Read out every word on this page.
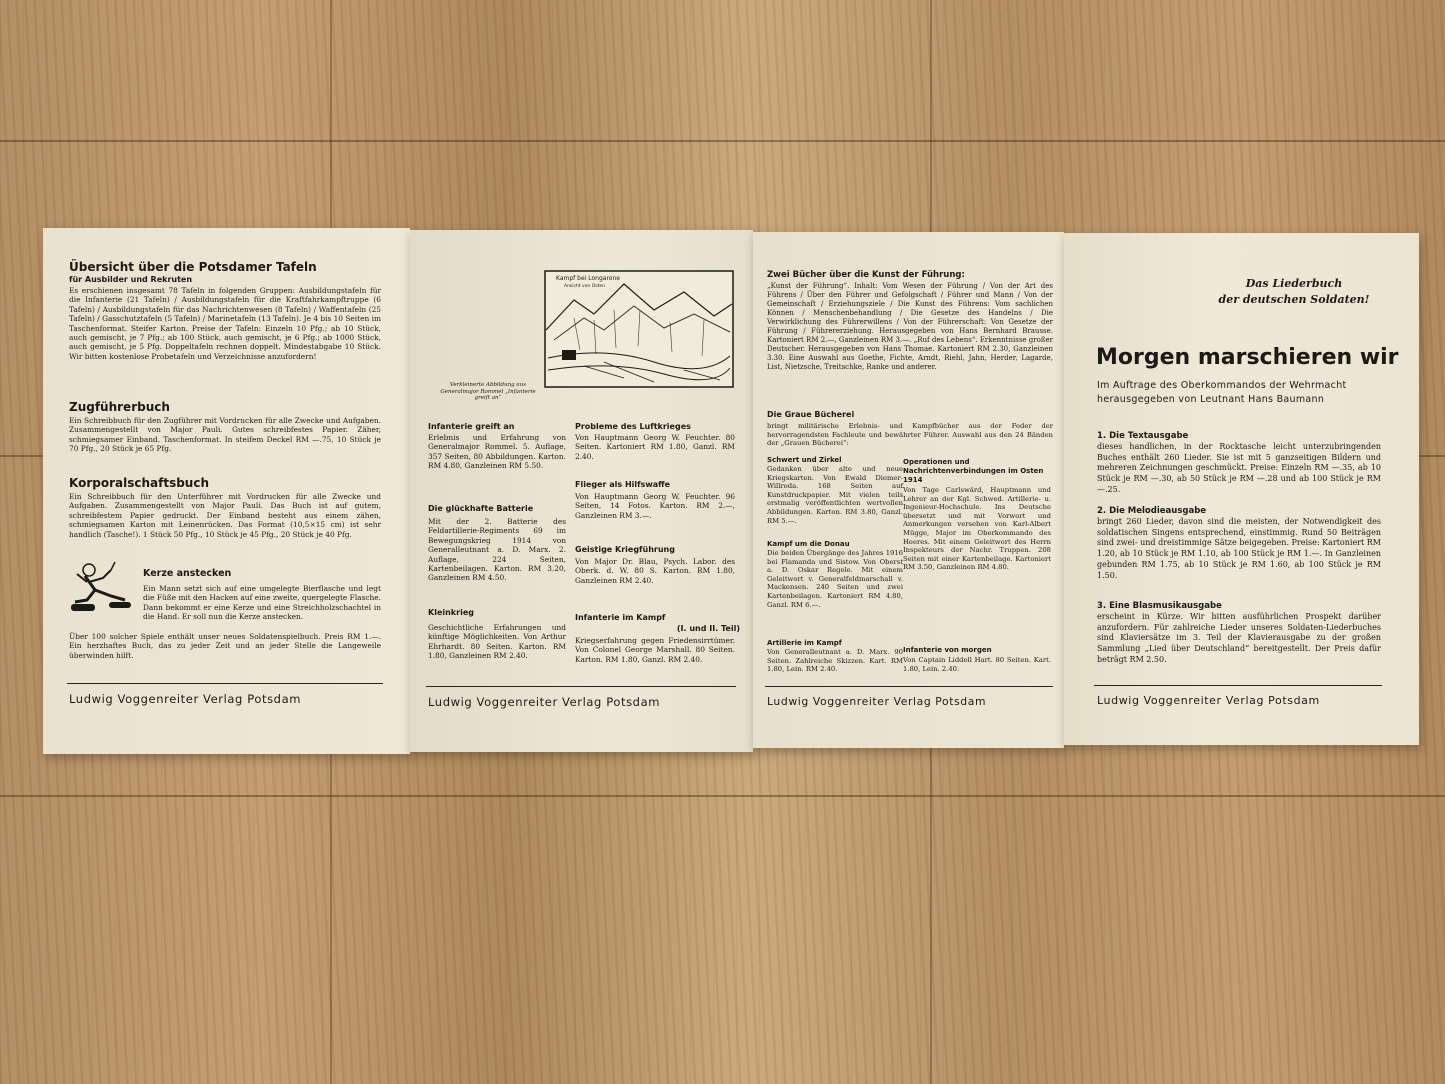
Übersicht über die Potsdamer Tafeln
für Ausbilder und Rekruten
Es erschienen insgesamt 78 Tafeln in folgenden Gruppen: Ausbildungstafeln für die Infanterie (21 Tafeln) / Ausbildungstafeln für die Kraftfahrkampftruppe (6 Tafeln) / Ausbildungstafeln für das Nachrichtenwesen (8 Tafeln) / Waffentafeln (25 Tafeln) / Gasschutztafeln (5 Tafeln) / Marinetafeln (13 Tafeln). Je 4 bis 10 Seiten im Taschenformat. Steifer Karton. Preise der Tafeln: Einzeln 10 Pfg.; ab 10 Stück, auch gemischt, je 7 Pfg.; ab 100 Stück, auch gemischt, je 6 Pfg.; ab 1000 Stück, auch gemischt, je 5 Pfg. Doppeltafeln rechnen doppelt. Mindestabgabe 10 Stück. Wir bitten kostenlose Probetafeln und Verzeichnisse anzufordern!
Zugführerbuch
Ein Schreibbuch für den Zugführer mit Vordrucken für alle Zwecke und Aufgaben. Zusammengestellt von Major Pauli. Gutes schreibfestes Papier. Zäher, schmiegsamer Einband. Taschenformat. In steifem Deckel RM —.75, 10 Stück je 70 Pfg., 20 Stück je 65 Pfg.
Korporalschaftsbuch
Ein Schreibbuch für den Unterführer mit Vordrucken für alle Zwecke und Aufgaben. Zusammengestellt von Major Pauli. Das Buch ist auf gutem, schreibfestem Papier gedruckt. Der Einband besteht aus einem zähen, schmiegsamen Karton mit Leinenrücken. Das Format (10,5×15 cm) ist sehr handlich (Tasche!). 1 Stück 50 Pfg., 10 Stück je 45 Pfg., 20 Stück je 40 Pfg.
Kerze anstecken
Ein Mann setzt sich auf eine umgelegte Bierflasche und legt die Füße mit den Hacken auf eine zweite, quergelegte Flasche. Dann bekommt er eine Kerze und eine Streichholzschachtel in die Hand. Er soll nun die Kerze anstecken.
Über 100 solcher Spiele enthält unser neues Soldatenspielbuch. Preis RM 1.—. Ein herzhaftes Buch, das zu jeder Zeit und an jeder Stelle die Langeweile überwinden hilft.
Ludwig Voggenreiter Verlag Potsdam
Kampf bei Longarone
Ansicht von Osten
Verkleinerte Abbildung aus Generalmajor Rommel „Infanterie greift an“
Infanterie greift an
Erlebnis und Erfahrung von Generalmajor Rommel. 5. Auflage, 357 Seiten, 80 Abbildungen. Karton. RM 4.80, Ganzleinen RM 5.50.
Die glückhafte Batterie
Mit der 2. Batterie des Feldartillerie-Regiments 69 im Bewegungskrieg 1914 von Generalleutnant a. D. Marx. 2. Auflage, 224 Seiten, Kartenbeilagen. Karton. RM 3.20, Ganzleinen RM 4.50.
Kleinkrieg
Geschichtliche Erfahrungen und künftige Möglichkeiten. Von Arthur Ehrhardt. 80 Seiten. Karton. RM 1.80, Ganzleinen RM 2.40.
Probleme des Luftkrieges
Von Hauptmann Georg W. Feuchter. 80 Seiten. Kartoniert RM 1.80, Ganzl. RM 2.40.
Flieger als Hilfswaffe
Von Hauptmann Georg W. Feuchter. 96 Seiten, 14 Fotos. Karton. RM 2.—, Ganzleinen RM 3.—.
Geistige Kriegführung
Von Major Dr. Blau, Psych. Labor. des Oberk. d. W. 80 S. Karton. RM 1.80, Ganzleinen RM 2.40.
Infanterie im Kampf
(I. und II. Teil)
Kriegserfahrung gegen Friedensirrtümer. Von Colonel George Marshall. 80 Seiten. Karton. RM 1.80, Ganzl. RM 2.40.
Ludwig Voggenreiter Verlag Potsdam
Zwei Bücher über die Kunst der Führung:
„Kunst der Führung“. Inhalt: Vom Wesen der Führung / Von der Art des Führens / Über den Führer und Gefolgschaft / Führer und Mann / Von der Gemeinschaft / Erziehungsziele / Die Kunst des Führens: Vom sachlichen Können / Menschenbehandlung / Die Gesetze des Handelns / Die Verwirklichung des Führerwillens / Von der Führerschaft: Von Gesetze der Führung / Führererziehung. Herausgegeben von Hans Bernhard Brausse. Kartoniert RM 2.—, Ganzleinen RM 3.—. „Ruf des Lebens“. Erkenntnisse großer Deutscher. Herausgegeben von Hans Thomae. Kartoniert RM 2.30, Ganzleinen 3.30. Eine Auswahl aus Goethe, Fichte, Arndt, Riehl, Jahn, Herder, Lagarde, List, Nietzsche, Treitschke, Ranke und anderer.
Die Graue Bücherei
bringt militärische Erlebnis- und Kampfbücher aus der Feder der hervorragendsten Fachleute und bewährter Führer. Auswahl aus den 24 Bänden der „Grauen Bücherei“:
Schwert und Zirkel
Gedanken über alte und neue Kriegskarten. Von Ewald Diemer-Willroda. 168 Seiten auf Kunstdruckpapier. Mit vielen teils erstmalig veröffentlichten wertvollen Abbildungen. Karton. RM 3.80, Ganzl. RM 5.—.
Kampf um die Donau
Die beiden Übergänge des Jahres 1916 bei Flamanda und Sistow. Von Oberst a. D. Oskar Regele. Mit einem Geleitwort v. Generalfeldmarschall v. Mackensen. 240 Seiten und zwei Kartenbeilagen. Kartoniert RM 4.80, Ganzl. RM 6.—.
Artillerie im Kampf
Von Generalleutnant a. D. Marx. 90 Seiten. Zahlreiche Skizzen. Kart. RM 1.80, Lein. RM 2.40.
Operationen und Nachrichtenverbindungen im Osten 1914
Von Tage Carlswärd, Hauptmann und Lehrer an der Kgl. Schwed. Artillerie- u. Ingenieur-Hochschule. Ins Deutsche übersetzt und mit Vorwort und Anmerkungen versehen von Karl-Albert Mügge, Major im Oberkommando des Heeres. Mit einem Geleitwort des Herrn Inspekteurs der Nachr. Truppen. 208 Seiten mit einer Kartenbeilage. Kartoniert RM 3.50, Ganzleinen RM 4.80.
Infanterie von morgen
Von Captain Liddell Hart. 80 Seiten. Kart. 1.80, Lein. 2.40.
Ludwig Voggenreiter Verlag Potsdam
Das Liederbuch
der deutschen Soldaten!
Morgen marschieren wir
Im Auftrage des Oberkommandos der Wehrmacht
herausgegeben von Leutnant Hans Baumann
1. Die Textausgabe
dieses handlichen, in der Rocktasche leicht unterzubringenden Buches enthält 260 Lieder. Sie ist mit 5 ganzseitigen Bildern und mehreren Zeichnungen geschmückt. Preise: Einzeln RM —.35, ab 10 Stück je RM —.30, ab 50 Stück je RM —.28 und ab 100 Stück je RM —.25.
2. Die Melodieausgabe
bringt 260 Lieder, davon sind die meisten, der Notwendigkeit des soldatischen Singens entsprechend, einstimmig. Rund 50 Beiträgen sind zwei- und dreistimmige Sätze beigegeben. Preise: Kartoniert RM 1.20, ab 10 Stück je RM 1.10, ab 100 Stück je RM 1.—. In Ganzleinen gebunden RM 1.75, ab 10 Stück je RM 1.60, ab 100 Stück je RM 1.50.
3. Eine Blasmusikausgabe
erscheint in Kürze. Wir bitten ausführlichen Prospekt darüber anzufordern. Für zahlreiche Lieder unseres Soldaten-Liederbuches sind Klaviersätze im 3. Teil der Klavierausgabe zu der großen Sammlung „Lied über Deutschland“ bereitgestellt. Der Preis dafür beträgt RM 2.50.
Ludwig Voggenreiter Verlag Potsdam
